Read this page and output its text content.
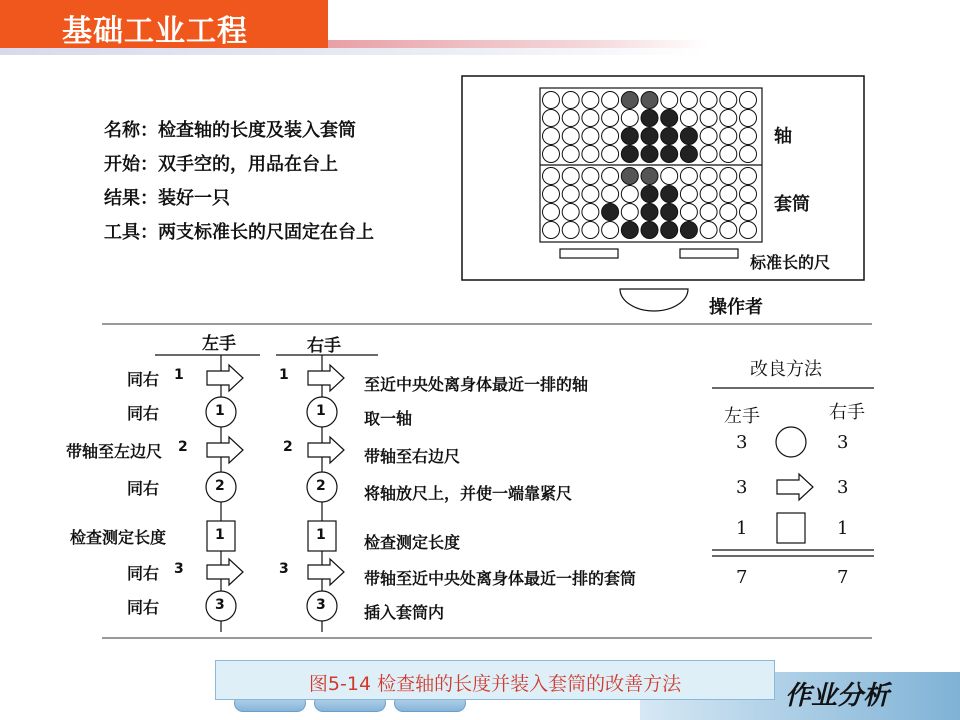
基础工业工程
名称：检查轴的长度及装入套筒
开始：双手空的，用品在台上
结果：装好一只
工具：两支标准长的尺固定在台上
轴
套筒
标准长的尺
操作者
左手	右手
同右 1	1	至近中央处离身体最近一排的轴
同右	1	1 取一轴
带轴至左边尺 2	2	带轴至右边尺
同右	2	2 将轴放尺上，并使一端靠紧尺
检查测定长度	1	1 检查测定长度
同右 3	3	带轴至近中央处离身体最近一排的套筒
同右	3	3 插入套筒内
改良方法
左手	右手
3	3
3	3
1	1
7	7
作业分析
图5-14 检查轴的长度并装入套筒的改善方法
